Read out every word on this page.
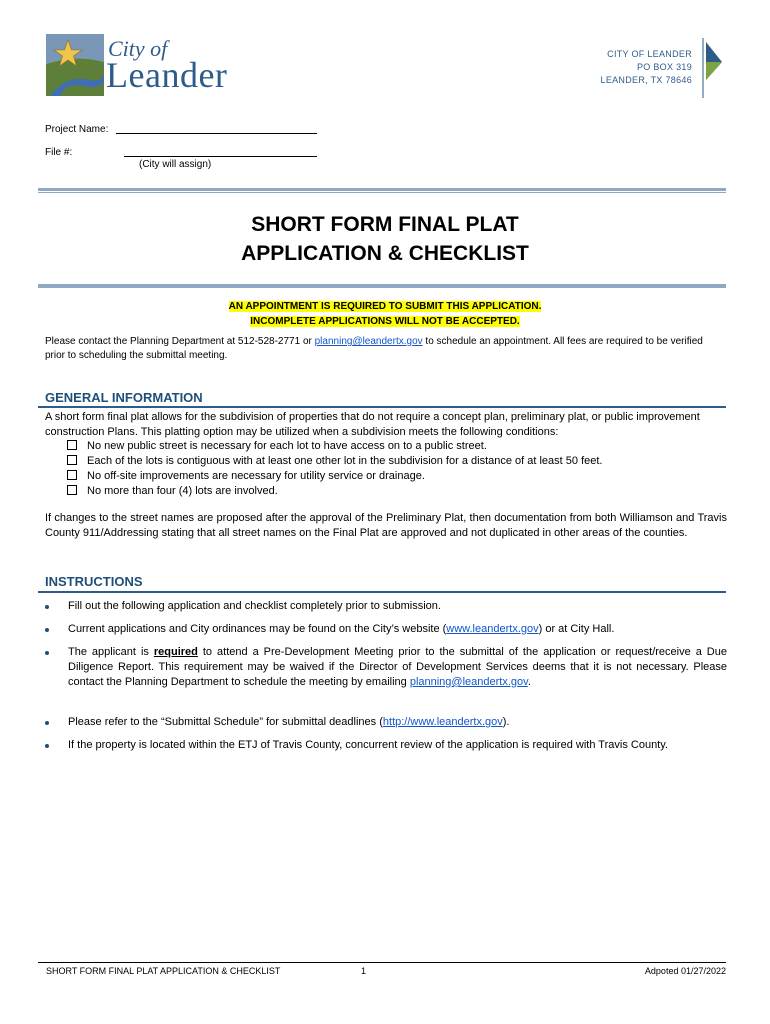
City of
Leander
CITY OF LEANDER
PO BOX 319
LEANDER, TX 78646
Project Name:
File #:
(City will assign)
SHORT FORM FINAL PLAT
APPLICATION & CHECKLIST
AN APPOINTMENT IS REQUIRED TO SUBMIT THIS APPLICATION.
INCOMPLETE APPLICATIONS WILL NOT BE ACCEPTED.
Please contact the Planning Department at 512-528-2771 or planning@leandertx.gov to schedule an appointment. All fees are required to be verified prior to scheduling the submittal meeting.
GENERAL INFORMATION
A short form final plat allows for the subdivision of properties that do not require a concept plan, preliminary plat, or public improvement construction Plans. This platting option may be utilized when a subdivision meets the following conditions:
No new public street is necessary for each lot to have access on to a public street.
Each of the lots is contiguous with at least one other lot in the subdivision for a distance of at least 50 feet.
No off-site improvements are necessary for utility service or drainage.
No more than four (4) lots are involved.
If changes to the street names are proposed after the approval of the Preliminary Plat, then documentation from both Williamson and Travis County 911/Addressing stating that all street names on the Final Plat are approved and not duplicated in other areas of the counties.
INSTRUCTIONS
Fill out the following application and checklist completely prior to submission.
Current applications and City ordinances may be found on the City’s website (www.leandertx.gov) or at City Hall.
The applicant is required to attend a Pre-Development Meeting prior to the submittal of the application or request/receive a Due Diligence Report. This requirement may be waived if the Director of Development Services deems that it is not necessary. Please contact the Planning Department to schedule the meeting by emailing planning@leandertx.gov.
Please refer to the “Submittal Schedule” for submittal deadlines (http://www.leandertx.gov).
If the property is located within the ETJ of Travis County, concurrent review of the application is required with Travis County.
SHORT FORM FINAL PLAT APPLICATION & CHECKLIST	1	Adpoted 01/27/2022
